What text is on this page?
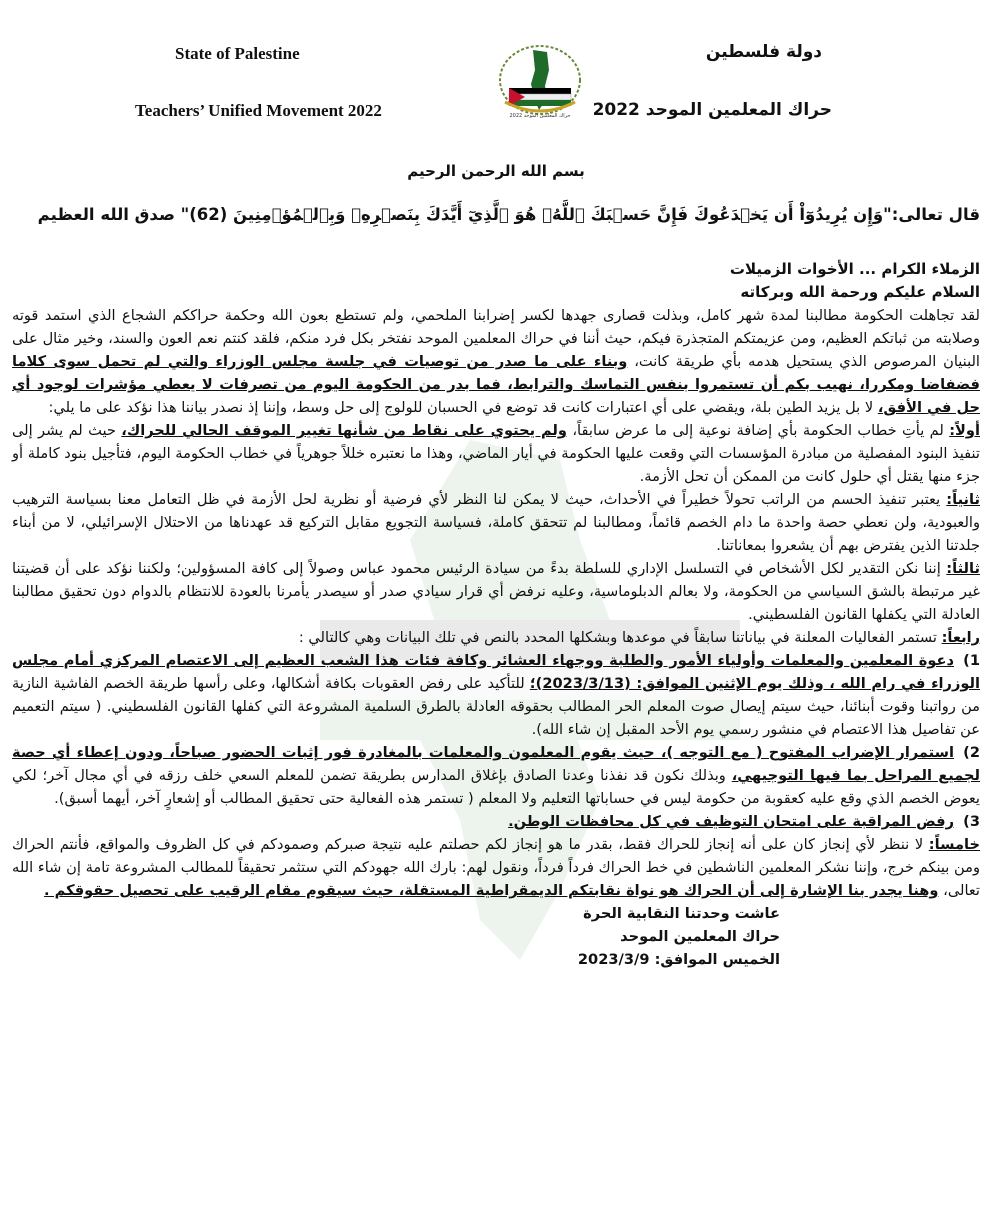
State of Palestine
Teachers’ Unified Movement 2022
دولة فلسطين
حراك المعلمين الموحد 2022
حراك المعلمين الموحد 2022
بسم الله الرحمن الرحيم
قال تعالى:"وَإِن يُرِيدُوٓاْ أَن يَخۡدَعُوكَ فَإِنَّ حَسۡبَكَ ٱللَّهُۚ هُوَ ٱلَّذِيٓ أَيَّدَكَ بِنَصۡرِهِۦ وَبِٱلۡمُؤۡمِنِينَ (62)" صدق الله العظيم

الزملاء الكرام ... الأخوات الزميلات

السلام عليكم ورحمة الله وبركاته

لقد تجاهلت الحكومة مطالبنا لمدة شهر كامل، وبذلت قصارى جهدها لكسر إضرابنا الملحمي، ولم تستطع بعون الله وحكمة حراككم الشجاع الذي استمد قوته وصلابته من ثباتكم العظيم، ومن عزيمتكم المتجذرة فيكم، حيث أننا في حراك المعلمين الموحد نفتخر بكل فرد منكم، فلقد كنتم نعم العون والسند، وخير مثال على البنيان المرصوص الذي يستحيل هدمه بأي طريقة كانت، وبناء على ما صدر من توصيات في جلسة مجلس الوزراء والتي لم تحمل سوى كلاما فضفاضا ومكررا، نهيب بكم أن تستمروا بنفس التماسك والترابط، فما بدر من الحكومة اليوم من تصرفات لا يعطي مؤشرات لوجود أي حل في الأفق، لا بل يزيد الطين بلة، ويقضي على أي اعتبارات كانت قد توضع في الحسبان للولوج إلى حل وسط، وإننا إذ نصدر بياننا هذا نؤكد على ما يلي:

أولاً: لم يأتِ خطاب الحكومة بأي إضافة نوعية إلى ما عرض سابقاً، ولم يحتوي على نقاط من شأنها تغيير الموقف الحالي للحراك، حيث لم يشر إلى تنفيذ البنود المفصلية من مبادرة المؤسسات التي وقعت عليها الحكومة في أيار الماضي، وهذا ما نعتبره خللاً جوهرياً في خطاب الحكومة اليوم، فتأجيل بنود كاملة أو جزء منها يقتل أي حلول كانت من الممكن أن تحل الأزمة.

ثانياً: يعتبر تنفيذ الحسم من الراتب تحولاً خطيراً في الأحداث، حيث لا يمكن لنا النظر لأي فرضية أو نظرية لحل الأزمة في ظل التعامل معنا بسياسة الترهيب والعبودية، ولن نعطي حصة واحدة ما دام الخصم قائماً، ومطالبنا لم تتحقق كاملة، فسياسة التجويع مقابل التركيع قد عهدناها من الاحتلال الإسرائيلي، لا من أبناء جلدتنا الذين يفترض بهم أن يشعروا بمعاناتنا.

ثالثاً: إننا نكن التقدير لكل الأشخاص في التسلسل الإداري للسلطة بدءً من سيادة الرئيس محمود عباس وصولاً إلى كافة المسؤولين؛ ولكننا نؤكد على أن قضيتنا غير مرتبطة بالشق السياسي من الحكومة، ولا بعالم الدبلوماسية، وعليه نرفض أي قرار سيادي صدر أو سيصدر يأمرنا بالعودة للانتظام بالدوام دون تحقيق مطالبنا العادلة التي يكفلها القانون الفلسطيني.

رابعاً: تستمر الفعاليات المعلنة في بياناتنا سابقاً في موعدها وبشكلها المحدد بالنص في تلك البيانات وهي كالتالي :

1)دعوة المعلمين والمعلمات وأولياء الأمور والطلبة ووجهاء العشائر وكافة فئات هذا الشعب العظيم إلى الاعتصام المركزي أمام مجلس الوزراء في رام الله ، وذلك يوم الإثنين الموافق: (2023/3/13)؛ للتأكيد على رفض العقوبات بكافة أشكالها، وعلى رأسها طريقة الخصم الفاشية النازية من رواتبنا وقوت أبنائنا، حيث سيتم إيصال صوت المعلم الحر المطالب بحقوقه العادلة بالطرق السلمية المشروعة التي كفلها القانون الفلسطيني. ( سيتم التعميم عن تفاصيل هذا الاعتصام في منشور رسمي يوم الأحد المقبل إن شاء الله).

2)استمرار الإضراب المفتوح ( مع التوجه )، حيث يقوم المعلمون والمعلمات بالمغادرة فور إثبات الحضور صباحاً، ودون إعطاء أي حصة لجميع المراحل بما فيها التوجيهي، وبذلك نكون قد نفذنا وعدنا الصادق بإغلاق المدارس بطريقة تضمن للمعلم السعي خلف رزقه في أي مجال آخر؛ لكي يعوض الخصم الذي وقع عليه كعقوبة من حكومة ليس في حساباتها التعليم ولا المعلم ( تستمر هذه الفعالية حتى تحقيق المطالب أو إشعارٍ آخر، أيهما أسبق).

3)رفض المراقبة على امتحان التوظيف في كل محافظات الوطن.

خامساً: لا ننظر لأي إنجاز كان على أنه إنجاز للحراك فقط، بقدر ما هو إنجاز لكم حصلتم عليه نتيجة صبركم وصمودكم في كل الظروف والمواقع، فأنتم الحراك ومن بينكم خرج، وإننا نشكر المعلمين الناشطين في خط الحراك فرداً فرداً، ونقول لهم: بارك الله جهودكم التي ستثمر تحقيقاً للمطالب المشروعة تامة إن شاء الله تعالى، وهنا يجدر بنا الإشارة إلى أن الحراك هو نواة نقابتكم الديمقراطية المستقلة، حيث سيقوم مقام الرقيب على تحصيل حقوقكم .

عاشت وحدتنا النقابية الحرة

حراك المعلمين الموحد

الخميس الموافق: 2023/3/9
